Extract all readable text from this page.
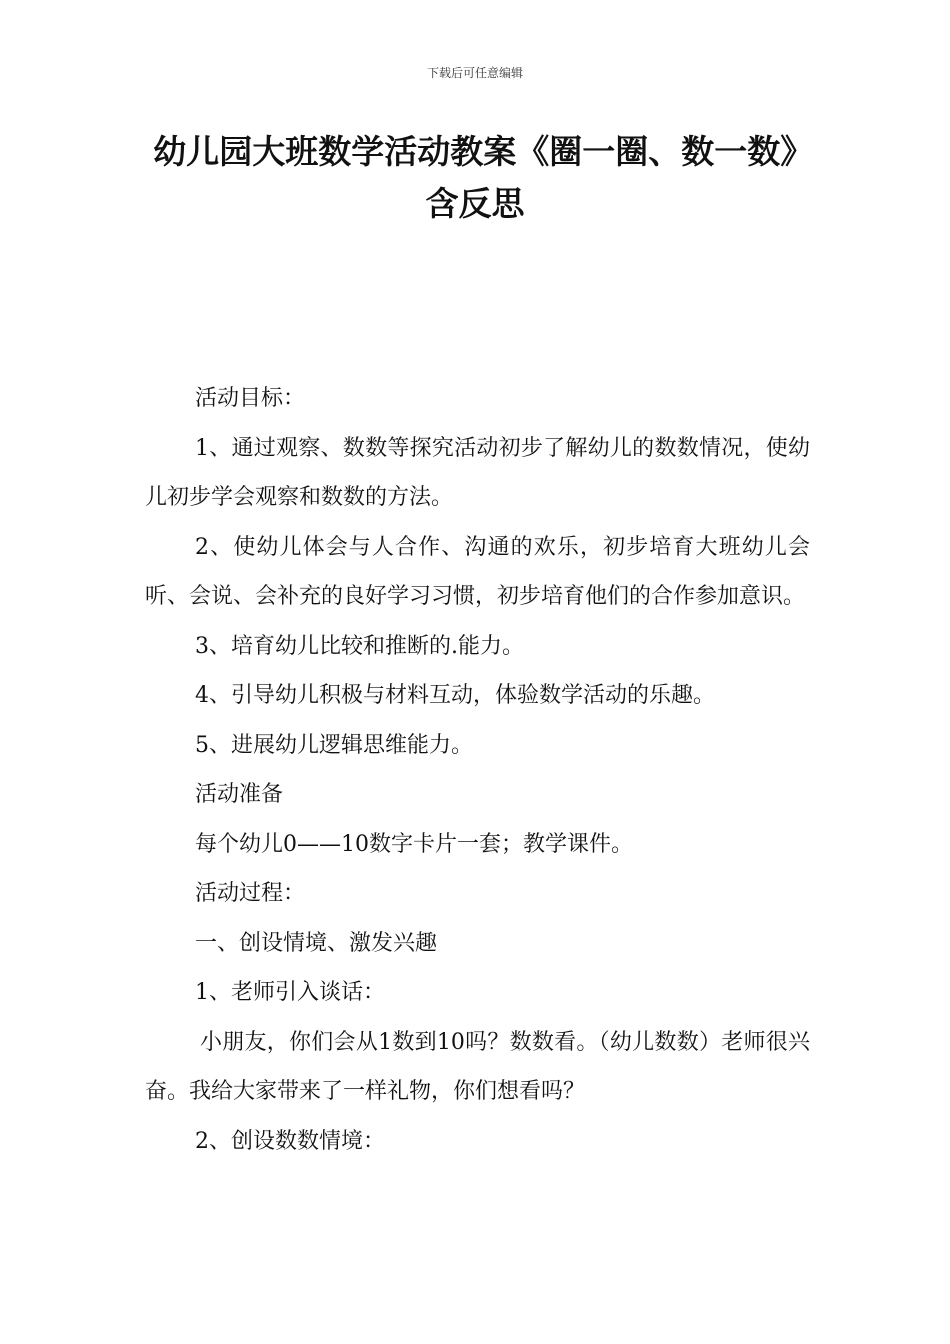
下载后可任意编辑
幼儿园大班数学活动教案《圈一圈、数一数》含反思

活动目标：

1、通过观察、数数等探究活动初步了解幼儿的数数情况，使幼儿初步学会观察和数数的方法。

2、使幼儿体会与人合作、沟通的欢乐，初步培育大班幼儿会听、会说、会补充的良好学习习惯，初步培育他们的合作参加意识。

3、培育幼儿比较和推断的.能力。

4、引导幼儿积极与材料互动，体验数学活动的乐趣。

5、进展幼儿逻辑思维能力。

活动准备

每个幼儿0——10数字卡片一套；教学课件。

活动过程：

一、创设情境、激发兴趣

1、老师引入谈话：

小朋友，你们会从1数到10吗？数数看。（幼儿数数）老师很兴奋。我给大家带来了一样礼物，你们想看吗？

2、创设数数情境：
